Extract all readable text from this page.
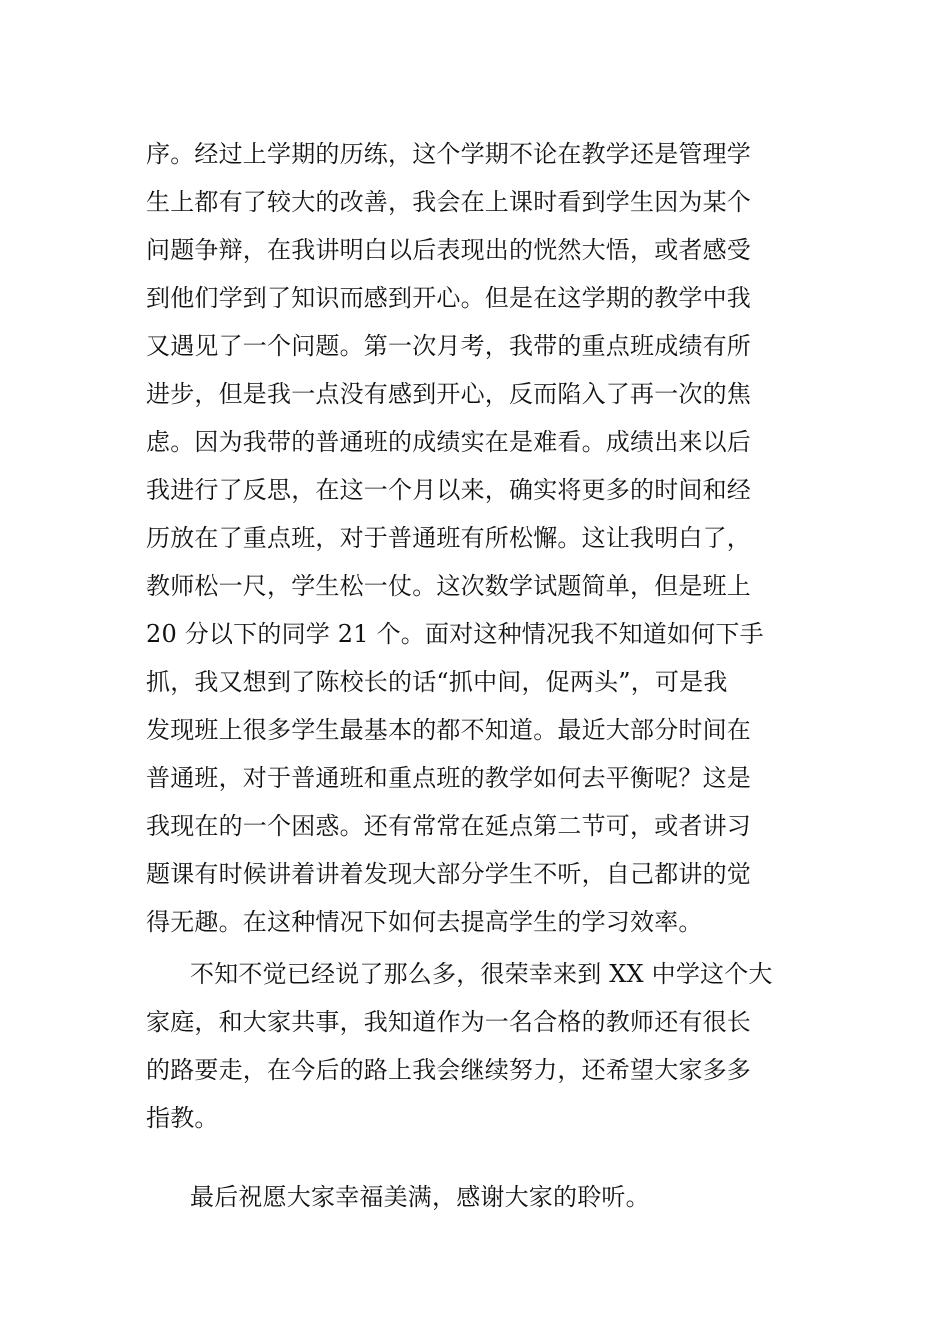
序。经过上学期的历练，这个学期不论在教学还是管理学
生上都有了较大的改善，我会在上课时看到学生因为某个
问题争辩，在我讲明白以后表现出的恍然大悟，或者感受
到他们学到了知识而感到开心。但是在这学期的教学中我
又遇见了一个问题。第一次月考，我带的重点班成绩有所
进步，但是我一点没有感到开心，反而陷入了再一次的焦
虑。因为我带的普通班的成绩实在是难看。成绩出来以后
我进行了反思，在这一个月以来，确实将更多的时间和经
历放在了重点班，对于普通班有所松懈。这让我明白了，
教师松一尺，学生松一仗。这次数学试题简单，但是班上
20 分以下的同学 21 个。面对这种情况我不知道如何下手
抓，我又想到了陈校长的话“抓中间，促两头”，可是我
发现班上很多学生最基本的都不知道。最近大部分时间在
普通班，对于普通班和重点班的教学如何去平衡呢？这是
我现在的一个困惑。还有常常在延点第二节可，或者讲习
题课有时候讲着讲着发现大部分学生不听，自己都讲的觉
得无趣。在这种情况下如何去提高学生的学习效率。
不知不觉已经说了那么多，很荣幸来到 XX 中学这个大
家庭，和大家共事，我知道作为一名合格的教师还有很长
的路要走，在今后的路上我会继续努力，还希望大家多多
指教。
最后祝愿大家幸福美满，感谢大家的聆听。
